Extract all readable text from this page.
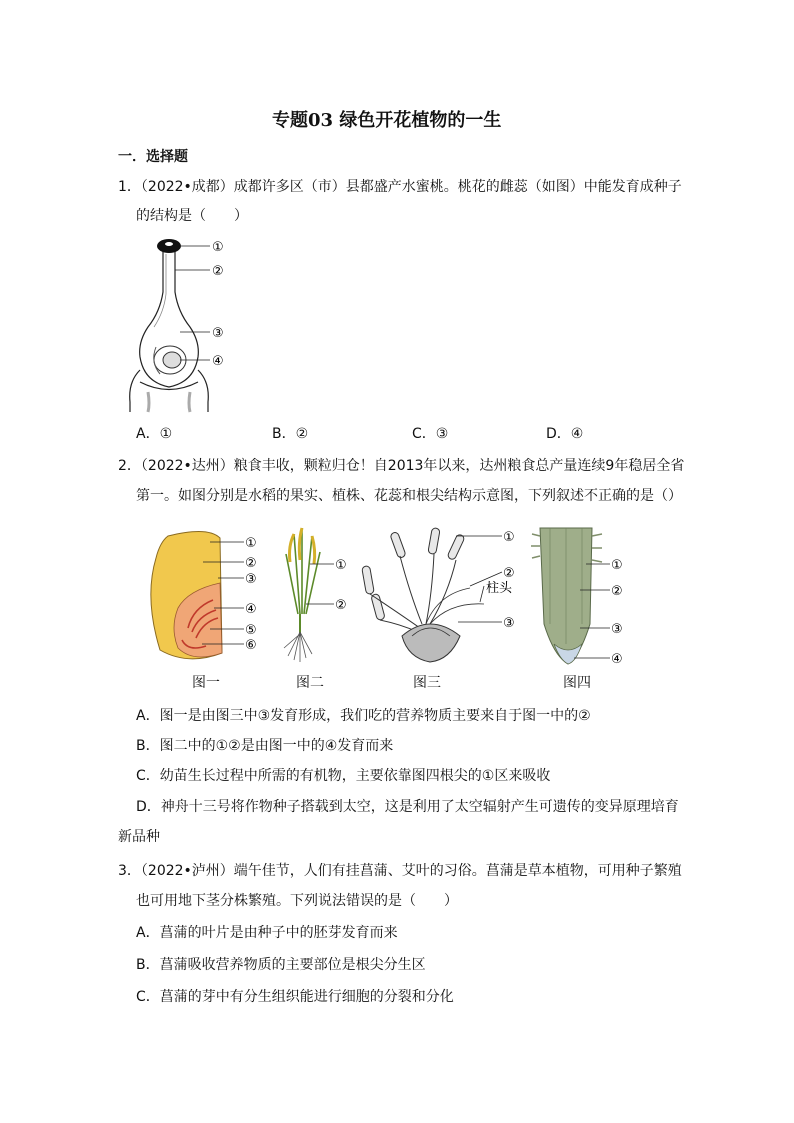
专题03 绿色开花植物的一生
一．选择题
1．（2022•成都）成都许多区（市）县都盛产水蜜桃。桃花的雌蕊（如图）中能发育成种子
的结构是（　　）
①
②
③
④
A．①	B．②	C．③	D．④
2．（2022•达州）粮食丰收，颗粒归仓！自2013年以来，达州粮食总产量连续9年稳居全省
第一。如图分别是水稻的果实、植株、花蕊和根尖结构示意图，下列叙述不正确的是（）
①
②
③
④
⑤
⑥
①
②
①
②
柱头
③
①
②
③
④
图一	图二	图三	图四
A．图一是由图三中③发育形成，我们吃的营养物质主要来自于图一中的②
B．图二中的①②是由图一中的④发育而来
C．幼苗生长过程中所需的有机物，主要依靠图四根尖的①区来吸收
D．神舟十三号将作物种子搭载到太空，这是利用了太空辐射产生可遗传的变异原理培育
新品种
3．（2022•泸州）端午佳节，人们有挂菖蒲、艾叶的习俗。菖蒲是草本植物，可用种子繁殖
也可用地下茎分株繁殖。下列说法错误的是（　　）
A．菖蒲的叶片是由种子中的胚芽发育而来
B．菖蒲吸收营养物质的主要部位是根尖分生区
C．菖蒲的芽中有分生组织能进行细胞的分裂和分化
